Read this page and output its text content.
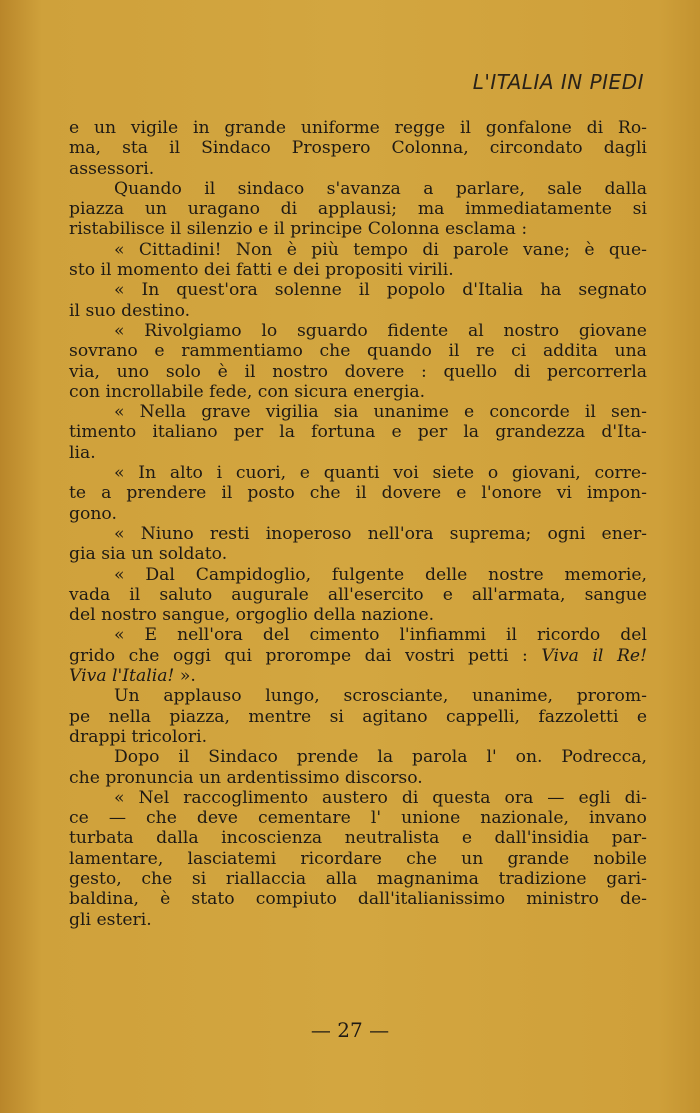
L'ITALIA IN PIEDI
e un vigile in grande uniforme regge il gonfalone di Ro-
ma, sta il Sindaco Prospero Colonna, circondato dagli
assessori.
Quando il sindaco s'avanza a parlare, sale dalla
piazza un uragano di applausi; ma immediatamente si
ristabilisce il silenzio e il principe Colonna esclama :
« Cittadini! Non è più tempo di parole vane; è que-
sto il momento dei fatti e dei propositi virili.
« In quest'ora solenne il popolo d'Italia ha segnato
il suo destino.
« Rivolgiamo lo sguardo fidente al nostro giovane
sovrano e rammentiamo che quando il re ci addita una
via, uno solo è il nostro dovere : quello di percorrerla
con incrollabile fede, con sicura energia.
« Nella grave vigilia sia unanime e concorde il sen-
timento italiano per la fortuna e per la grandezza d'Ita-
lia.
« In alto i cuori, e quanti voi siete o giovani, corre-
te a prendere il posto che il dovere e l'onore vi impon-
gono.
« Niuno resti inoperoso nell'ora suprema; ogni ener-
gia sia un soldato.
« Dal Campidoglio, fulgente delle nostre memorie,
vada il saluto augurale all'esercito e all'armata, sangue
del nostro sangue, orgoglio della nazione.
« E nell'ora del cimento l'infiammi il ricordo del
grido che oggi qui prorompe dai vostri petti : Viva il Re!
Viva l'Italia! ».
Un applauso lungo, scrosciante, unanime, prorom-
pe nella piazza, mentre si agitano cappelli, fazzoletti e
drappi tricolori.
Dopo il Sindaco prende la parola l' on. Podrecca,
che pronuncia un ardentissimo discorso.
« Nel raccoglimento austero di questa ora — egli di-
ce — che deve cementare l' unione nazionale, invano
turbata dalla incoscienza neutralista e dall'insidia par-
lamentare, lasciatemi ricordare che un grande nobile
gesto, che si riallaccia alla magnanima tradizione gari-
baldina, è stato compiuto dall'italianissimo ministro de-
gli esteri.
— 27 —
